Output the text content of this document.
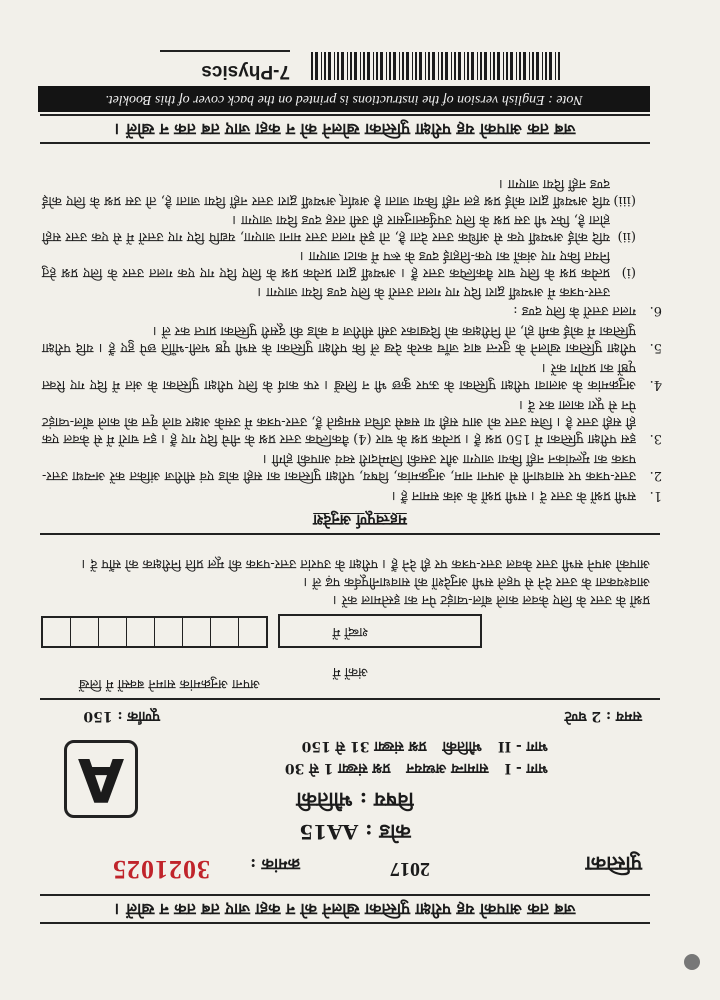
जब तक आपको यह परीक्षा पुस्तिका खोलने को न कहा जाए तब तक न खोलें ।
पुस्तिका
2017
क्रमांक :
3021025
कोड : AA15
विषय : भौतिकी
A	भाग - I
सामान्य अध्ययन
प्रश्न संख्या 1 से 30
भाग - II
भौतिकी
प्रश्न संख्या 31 से 150
समय : 2 घण्टे
पूर्णांक : 150
अपना अनुक्रमांक सामने बक्सों में लिखें
अंकों में
शब्दों में
प्रश्नों के उत्तर के लिए केवल काले बॉल-प्वाइंट पेन का इस्तेमाल करें ।
आवश्यकता के उत्तर देने से पहले सभी अनुदेशों को सावधानीपूर्वक पढ़ लें ।
आपको अपने सभी उत्तर केवल उत्तर-पत्रक पर ही देने हैं । परीक्षा के उपरांत उत्तर-पत्रक की मूल प्रति निरीक्षक को सौंप दें ।
महत्त्वपूर्ण अनुदेश
1.
सभी प्रश्नों के उत्तर दें । सभी प्रश्नों के अंक समान हैं ।
2.
उत्तर-पत्रक पर सावधानी से अपना नाम, अनुक्रमांक, विषय, परीक्षा पुस्तिका का सही कोड एवं सीरीज अंकित करें अन्यथा उत्तर-पत्रक का मूल्यांकन नहीं किया जाएगा और उसकी जिम्मेदारी स्वयं आपकी होगी ।
3.
इस परीक्षा पुस्तिका में 150 प्रश्न हैं । प्रत्येक प्रश्न के चार (4) वैकल्पिक उत्तर प्रश्न के नीचे दिए गए हैं । इन चारों में से केवल एक ही सही उत्तर है । जिस उत्तर को आप सही या सबसे उचित समझते हैं, उत्तर-पत्रक में उसके अक्षर वाले वृत्त को काले बॉल-प्वाइंट पेन से पूरा काला कर दें ।
4.
अनुक्रमांक के अलावा परीक्षा पुस्तिका के ऊपर कुछ भी न लिखें । रफ कार्य के लिए परीक्षा पुस्तिका के अंत में दिए गए रिक्त पृष्ठों का प्रयोग करें ।
5.
परीक्षा पुस्तिका खोलने के तुरन्त बाद जाँच करके देख लें कि परीक्षा पुस्तिका के सभी पृष्ठ भली-भाँति छपे हुए हैं । यदि परीक्षा पुस्तिका में कोई कमी हो, तो निरीक्षक को दिखाकर उसी सीरीज व कोड की दूसरी पुस्तिका प्राप्त कर लें ।
6.
गलत उत्तरों के लिए दण्ड :
उत्तर-पत्रक में अभ्यर्थी द्वारा दिए गए गलत उत्तरों के लिए दण्ड दिया जाएगा ।
(i)
प्रत्येक प्रश्न के लिए चार वैकल्पिक उत्तर हैं । अभ्यर्थी द्वारा प्रत्येक प्रश्न के लिए दिए गए एक गलत उत्तर के लिए प्रश्न हेतु नियत किए गए अंकों का एक-तिहाई दण्ड के रूप में काटा जाएगा ।
(ii)
यदि कोई अभ्यर्थी एक से अधिक उत्तर देता है, तो इसे गलत उत्तर माना जाएगा, यद्यपि दिए गए उत्तरों में से एक उत्तर सही होता है, फिर भी उस प्रश्न के लिए उपर्युक्तानुसार ही उसी तरह दण्ड दिया जाएगा ।
(iii)
यदि अभ्यर्थी द्वारा कोई प्रश्न हल नहीं किया जाता है अर्थात् अभ्यर्थी द्वारा उत्तर नहीं दिया जाता है, तो उस प्रश्न के लिए कोई दण्ड नहीं दिया जाएगा ।
जब तक आपको यह परीक्षा पुस्तिका खोलने को न कहा जाए तब तक न खोलें ।
Note : English version of the instructions is printed on the back cover of this Booklet.
7-Physics
